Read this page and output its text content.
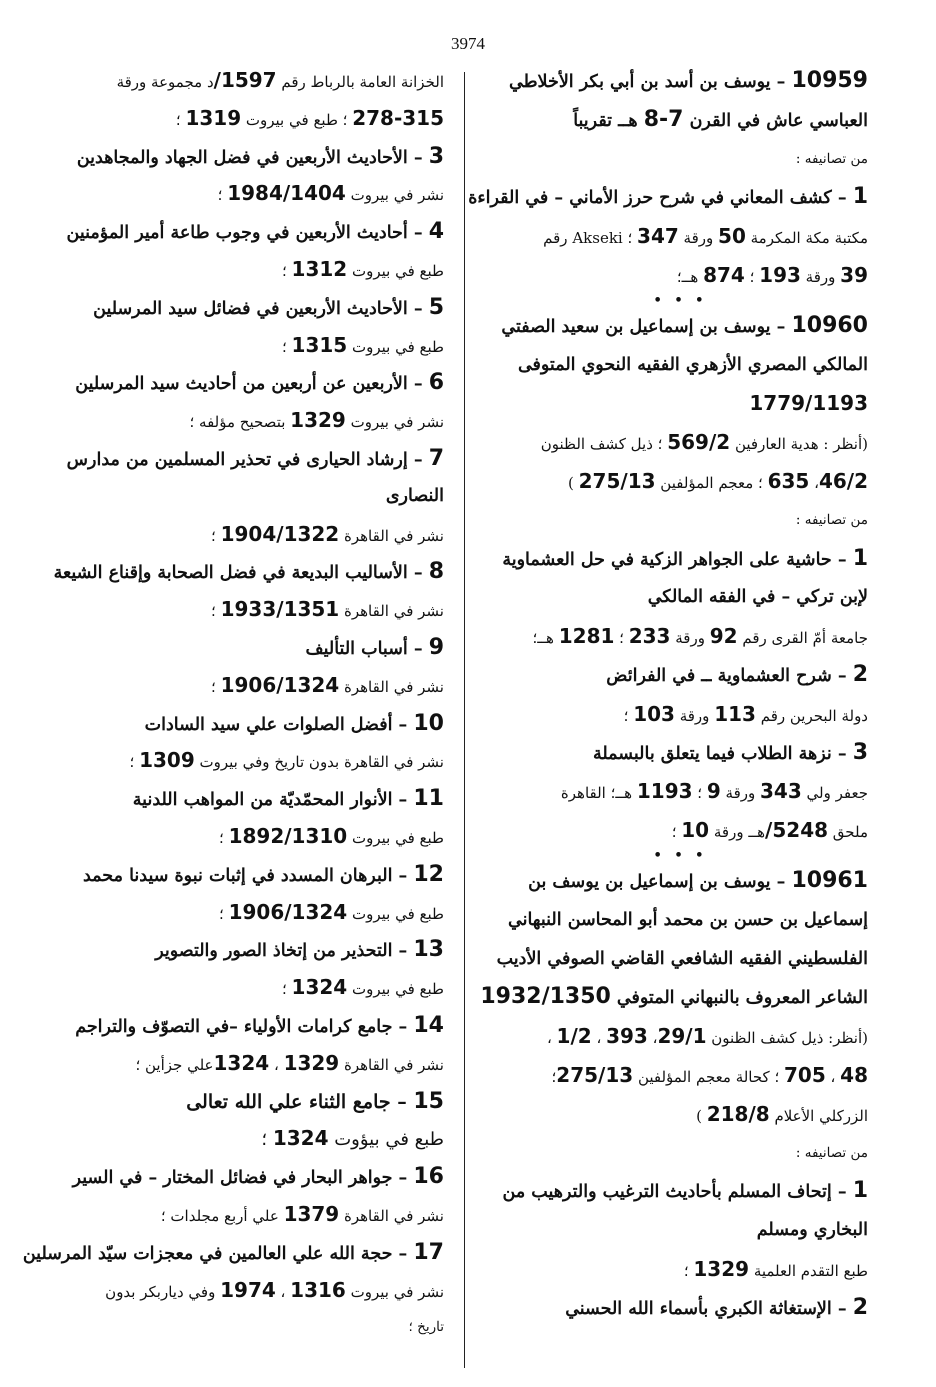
3974
10959 – يوسف بن أسد بن أبي بكر الأخلاطي
العباسي عاش في القرن 7-8 هــ تقريباً
من تصانيفه :
1 – كشف المعاني في شرح حرز الأماني – في القراءة
مكتبة مكة المكرمة 50 ورقة 347 ؛ Akseki رقم
39 ورقة 193 ؛ 874 هــ؛
• • •
10960 – يوسف بن إسماعيل بن سعيد الصفتي
المالكي المصري الأزهري الفقيه النحوي المتوفى
1779/1193
(أنظر : هدية العارفين 569/2 ؛ ذيل كشف الظنون
46/2، 635 ؛ معجم المؤلفين 275/13 )
من تصانيفه :
1 – حاشية على الجواهر الزكية في حل العشماوية
لإبن تركي – في الفقه المالكي
جامعة أمّ القرى رقم 92 ورقة 233 ؛ 1281 هــ؛
2 – شرح العشماوية ــ في الفرائض
دولة البحرين رقم 113 ورقة 103 ؛
3 – نزهة الطلاب فيما يتعلق بالبسملة
جعفر ولي 343 ورقة 9 ؛ 1193 هــ؛ القاهرة
ملحق 5248/هــ ورقة 10 ؛
• • •
10961 – يوسف بن إسماعيل بن يوسف بن
إسماعيل بن حسن بن محمد أبو المحاسن النبهاني
الفلسطيني الفقيه الشافعي القاضي الصوفي الأديب
الشاعر المعروف بالنبهاني المتوفي 1932/1350
(أنظر: ذيل كشف الظنون 29/1، 393 ، 1/2 ،
48 ، 705 ؛ كحالة معجم المؤلفين 275/13؛
الزركلي الأعلام 218/8 )
من تصانيفه :
1 – إتحاف المسلم بأحاديث الترغيب والترهيب من
البخاري ومسلم
طبع التقدم العلمية 1329 ؛
2 – الإستغاثة الكبري بأسماء الله الحسني
الخزانة العامة بالرباط رقم 1597/د مجموعة ورقة
278-315 ؛ طبع في بيروت 1319 ؛
3 – الأحاديث الأربعين في فضل الجهاد والمجاهدين
نشر في بيروت 1984/1404 ؛
4 – أحاديث الأربعين في وجوب طاعة أمير المؤمنين
طبع في بيروت 1312 ؛
5 – الأحاديث الأربعين في فضائل سيد المرسلين
طبع في بيروت 1315 ؛
6 – الأربعين عن أربعين من أحاديث سيد المرسلين
نشر في بيروت 1329 بتصحيح مؤلفه ؛
7 – إرشاد الحيارى في تحذير المسلمين من مدارس
النصارى
نشر في القاهرة 1904/1322 ؛
8 – الأساليب البديعة في فضل الصحابة وإقناع الشيعة
نشر في القاهرة 1933/1351 ؛
9 – أسباب التأليف
نشر في القاهرة 1906/1324 ؛
10 – أفضل الصلوات علي سيد السادات
نشر في القاهرة بدون تاريخ وفي بيروت 1309 ؛
11 – الأنوار المحمّديّة من المواهب اللدنية
طبع في بيروت 1892/1310 ؛
12 – البرهان المسدد في إثبات نبوة سيدنا محمد
طبع في بيروت 1906/1324 ؛
13 – التحذير من إتخاذ الصور والتصوير
طبع في بيروت 1324 ؛
14 – جامع كرامات الأولياء –في التصوّف والتراجم
نشر في القاهرة 1329 ، 1324علي جزأين ؛
15 – جامع الثناء علي الله تعالى
طبع في بيؤوت 1324 ؛
16 – جواهر البحار في فضائل المختار – في السير
نشر في القاهرة 1379 علي أربع مجلدات ؛
17 – حجة الله علي العالمين في معجزات سيّد المرسلين
نشر في بيروت 1316 ، 1974 وفي دياربكر بدون
تاريخ ؛
